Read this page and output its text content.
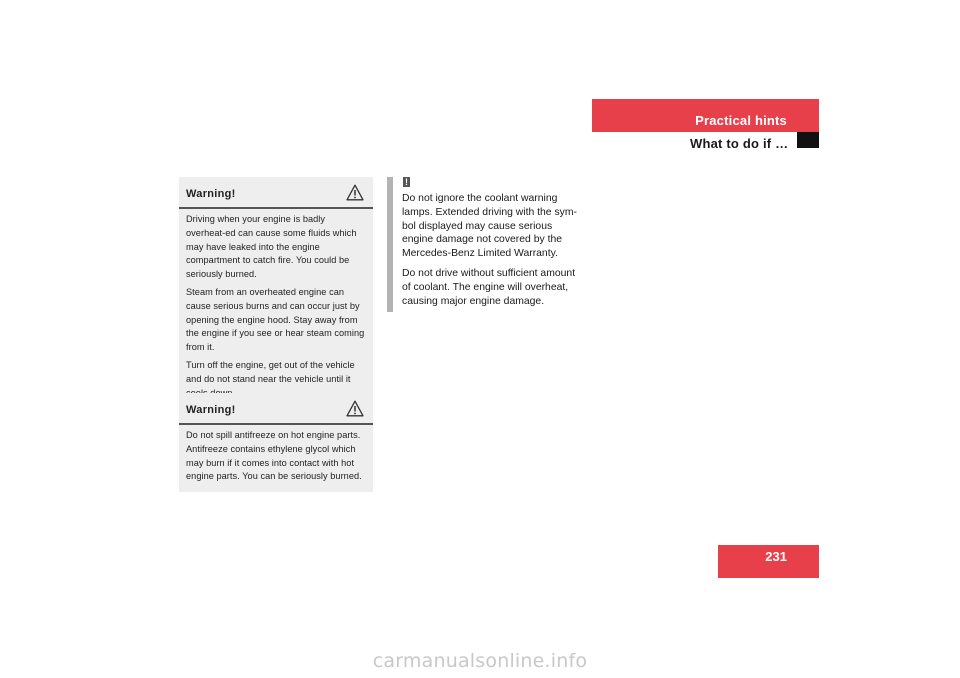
Practical hints
What to do if …
Warning!

Driving when your engine is badly overheat-ed can cause some fluids which may have leaked into the engine compartment to catch fire. You could be seriously burned.

Steam from an overheated engine can cause serious burns and can occur just by opening the engine hood. Stay away from the engine if you see or hear steam coming from it.

Turn off the engine, get out of the vehicle and do not stand near the vehicle until it

Warning!

Do not spill antifreeze on hot engine parts. Antifreeze contains ethylene glycol which may burn if it comes into contact with hot engine parts. You can be seriously burned.

!

Do not ignore the coolant warning lamps. Extended driving with the sym-bol displayed may cause serious engine damage not covered by the Mercedes-Benz Limited Warranty.

Do not drive without sufficient amount of coolant. The engine will overheat, causing major engine damage.

231
carmanualsonline.info
